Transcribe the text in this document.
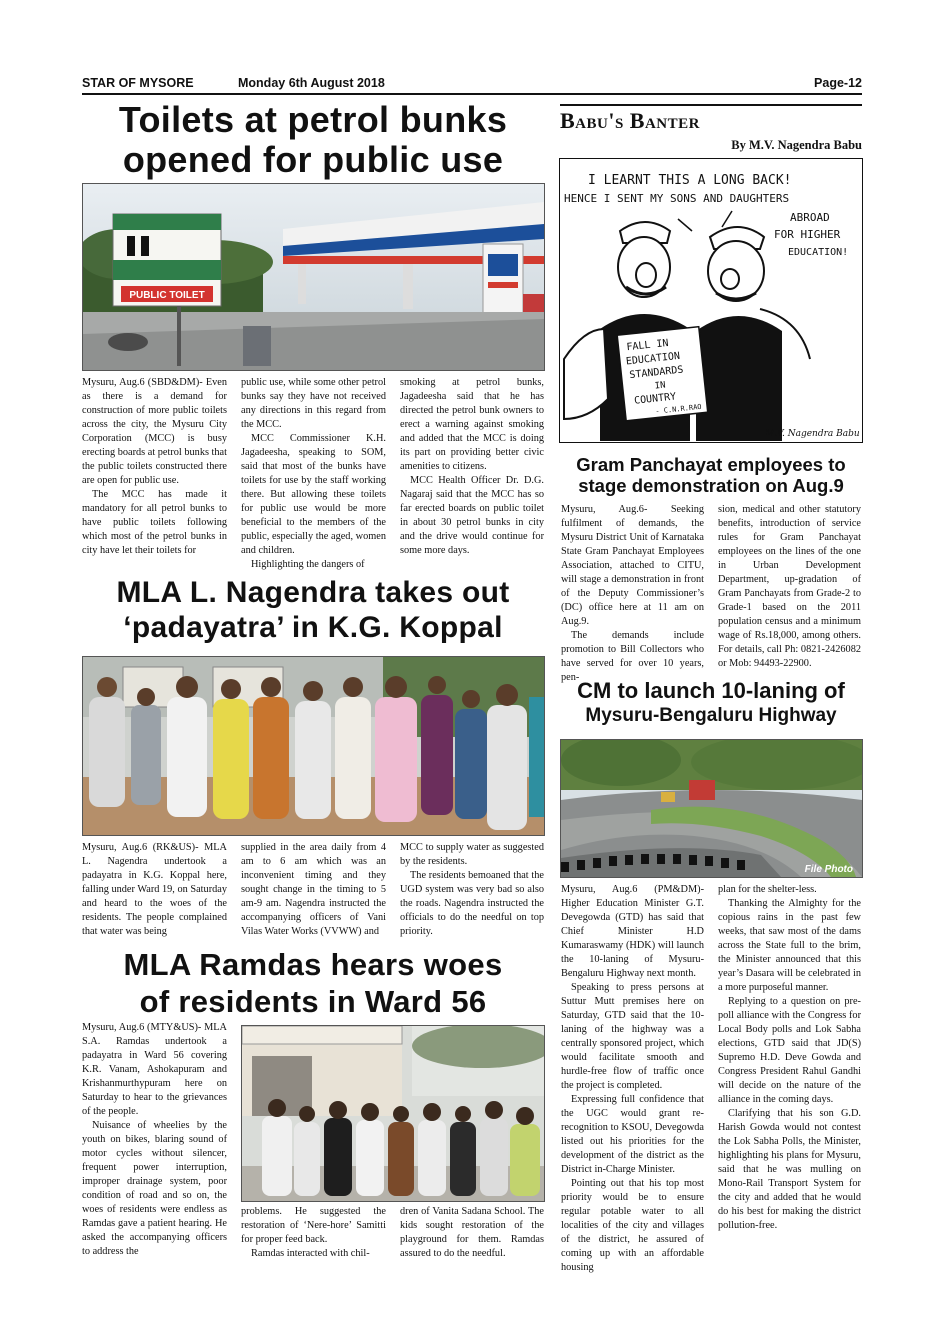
STAR OF MYSORE	Monday 6th August 2018	Page-12
Toilets at petrol bunks
opened for public use
PUBLIC TOILET

Mysuru, Aug.6 (SBD&DM)- Even as there is a demand for construction of more public toilets across the city, the Mysuru City Corporation (MCC) is busy erecting boards at petrol bunks that the public toilets constructed there are open for public use.

The MCC has made it mandatory for all petrol bunks to have public toilets following which most of the petrol bunks in city have let their toilets for

public use, while some other petrol bunks say they have not received any directions in this regard from the MCC.

MCC Commissioner K.H. Jagadeesha, speaking to SOM, said that most of the bunks have toilets for use by the staff working there. But allowing these toilets for public use would be more beneficial to the members of the public, especially the aged, women and children.

Highlighting the dangers of

smoking at petrol bunks, Jagadeesha said that he has directed the petrol bunk owners to erect a warning against smoking and added that the MCC is doing its part on providing better civic amenities to citizens.

MCC Health Officer Dr. D.G. Nagaraj said that the MCC has so far erected boards on public toilet in about 30 petrol bunks in city and the drive would continue for some more days.

Babu's Banter
By M.V. Nagendra Babu
I LEARNT THIS A LONG BACK!
HENCE I SENT MY SONS AND DAUGHTERS
ABROAD
FOR HIGHER
EDUCATION!
FALL IN
EDUCATION
STANDARDS
IN
COUNTRY
- C.N.R.RAO
M.V. Nagendra Babu
Gram Panchayat employees to
stage demonstration on Aug.9

Mysuru, Aug.6- Seeking fulfilment of demands, the Mysuru District Unit of Karnataka State Gram Panchayat Employees Association, attached to CITU, will stage a demonstration in front of the Deputy Commissioner’s (DC) office here at 11 am on Aug.9.

The demands include promotion to Bill Collectors who have served for over 10 years, pen-

sion, medical and other statutory benefits, introduction of service rules for Gram Panchayat employees on the lines of the one in Urban Development Department, up-gradation of Gram Panchayats from Grade-2 to Grade-1 based on the 2011 population census and a minimum wage of Rs.18,000, among others. For details, call Ph: 0821-2426082 or Mob: 94493-22900.

MLA L. Nagendra takes out
‘padayatra’ in K.G. Koppal

Mysuru, Aug.6 (RK&US)- MLA L. Nagendra undertook a padayatra in K.G. Koppal here, falling under Ward 19, on Saturday and heard to the woes of the residents. The people complained that water was being

supplied in the area daily from 4 am to 6 am which was an inconvenient timing and they sought change in the timing to 5 am-9 am. Nagendra instructed the accompanying officers of Vani Vilas Water Works (VVWW) and

MCC to supply water as suggested by the residents.

The residents bemoaned that the UGD system was very bad so also the roads. Nagendra instructed the officials to do the needful on top priority.

CM to launch 10-laning of
Mysuru-Bengaluru Highway
File Photo

Mysuru, Aug.6 (PM&DM)- Higher Education Minister G.T. Devegowda (GTD) has said that Chief Minister H.D Kumaraswamy (HDK) will launch the 10-laning of Mysuru-Bengaluru Highway next month.

Speaking to press persons at Suttur Mutt premises here on Saturday, GTD said that the 10-laning of the highway was a centrally sponsored project, which would facilitate smooth and hurdle-free flow of traffic once the project is completed.

Expressing full confidence that the UGC would grant re-recognition to KSOU, Devegowda listed out his priorities for the development of the district as the District in-Charge Minister.

Pointing out that his top most priority would be to ensure regular potable water to all localities of the city and villages of the district, he assured of coming up with an affordable housing

plan for the shelter-less.

Thanking the Almighty for the copious rains in the past few weeks, that saw most of the dams across the State full to the brim, the Minister announced that this year’s Dasara will be celebrated in a more purposeful manner.

Replying to a question on pre-poll alliance with the Congress for Local Body polls and Lok Sabha elections, GTD said that JD(S) Supremo H.D. Deve Gowda and Congress President Rahul Gandhi will decide on the nature of the alliance in the coming days.

Clarifying that his son G.D. Harish Gowda would not contest the Lok Sabha Polls, the Minister, highlighting his plans for Mysuru, said that he was mulling on Mono-Rail Transport System for the city and added that he would do his best for making the district pollution-free.

MLA Ramdas hears woes
of residents in Ward 56

Mysuru, Aug.6 (MTY&US)- MLA S.A. Ramdas undertook a padayatra in Ward 56 covering K.R. Vanam, Ashokapuram and Krishanmurthypuram here on Saturday to hear to the grievances of the people.

Nuisance of wheelies by the youth on bikes, blaring sound of motor cycles without silencer, frequent power interruption, improper drainage system, poor condition of road and so on, the woes of residents were endless as Ramdas gave a patient hearing. He asked the accompanying officers to address the

problems. He suggested the restoration of ‘Nere-hore’ Samitti for proper feed back.

Ramdas interacted with chil-

dren of Vanita Sadana School. The kids sought restoration of the playground for them. Ramdas assured to do the needful.
